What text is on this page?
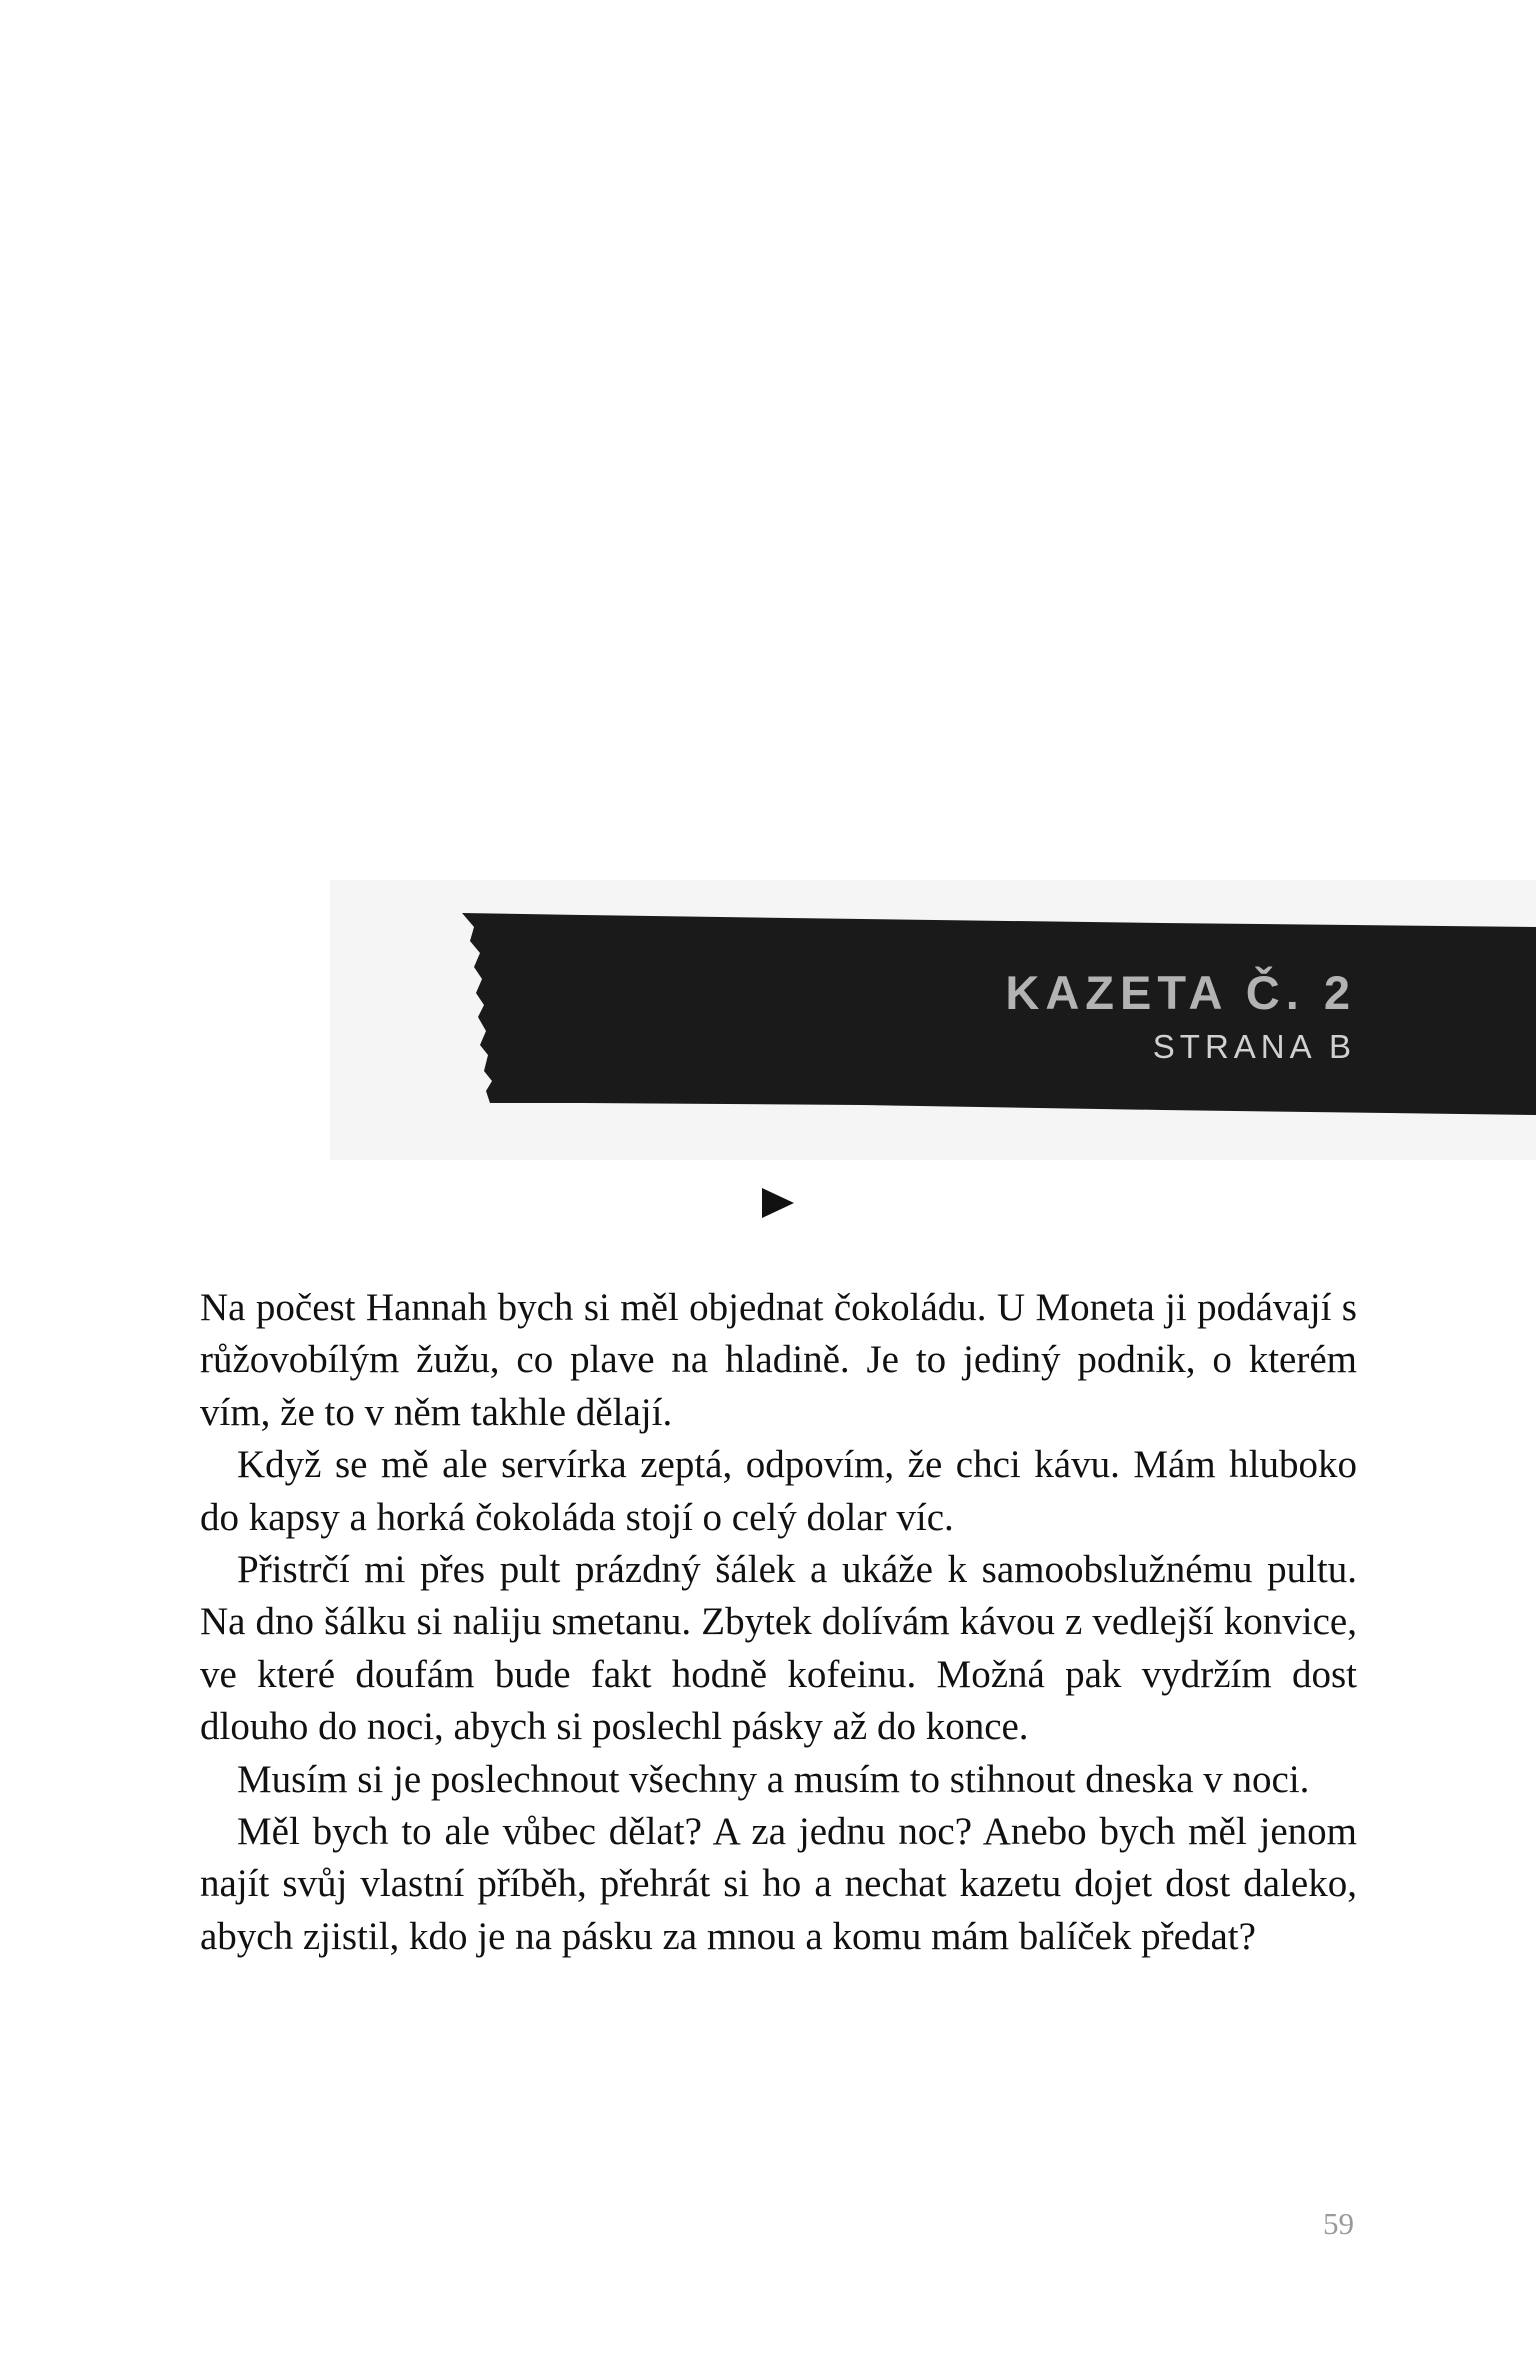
KAZETA Č. 2
STRANA B

Na počest Hannah bych si měl objednat čokoládu. U Moneta ji podávají s růžovobílým žužu, co plave na hladině. Je to jediný podnik, o kterém vím, že to v něm takhle dělají.

Když se mě ale servírka zeptá, odpovím, že chci kávu. Mám hluboko do kapsy a horká čokoláda stojí o celý dolar víc.

Přistrčí mi přes pult prázdný šálek a ukáže k samoobslužnému pultu. Na dno šálku si naliju smetanu. Zbytek dolívám kávou z vedlejší konvice, ve které doufám bude fakt hodně kofeinu. Možná pak vydržím dost dlouho do noci, abych si poslechl pásky až do konce.

Musím si je poslechnout všechny a musím to stihnout dneska v noci.

Měl bych to ale vůbec dělat? A za jednu noc? Anebo bych měl jenom najít svůj vlastní příběh, přehrát si ho a nechat kazetu dojet dost daleko, abych zjistil, kdo je na pásku za mnou a komu mám balíček předat?

59
